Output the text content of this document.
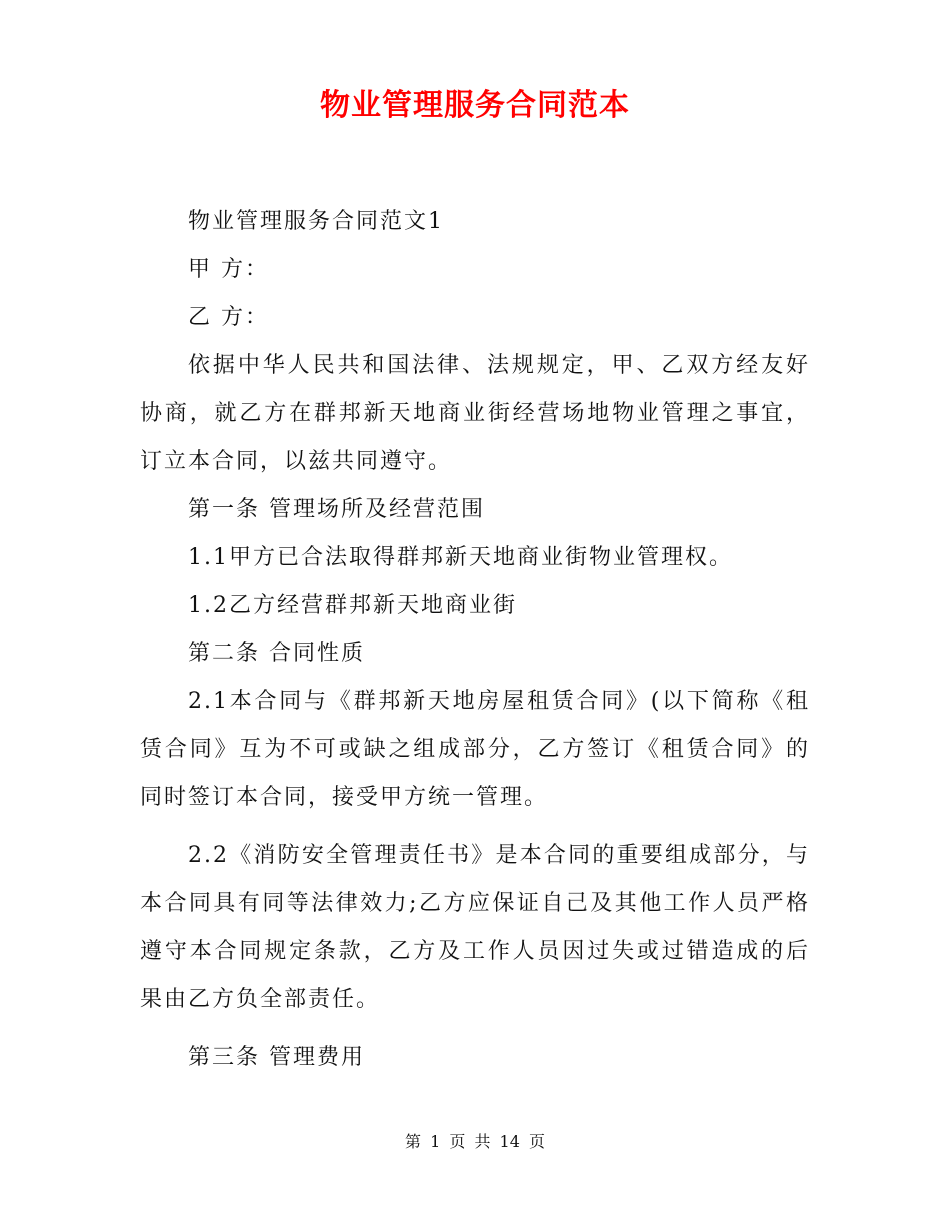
物业管理服务合同范本

物业管理服务合同范文1

甲 方：

乙 方：

依据中华人民共和国法律、法规规定，甲、乙双方经友好协商，就乙方在群邦新天地商业街经营场地物业管理之事宜，订立本合同，以兹共同遵守。

第一条 管理场所及经营范围

1.1甲方已合法取得群邦新天地商业街物业管理权。

1.2乙方经营群邦新天地商业街

第二条 合同性质

2.1本合同与《群邦新天地房屋租赁合同》(以下简称《租赁合同》互为不可或缺之组成部分，乙方签订《租赁合同》的同时签订本合同，接受甲方统一管理。

2.2《消防安全管理责任书》是本合同的重要组成部分，与本合同具有同等法律效力;乙方应保证自己及其他工作人员严格遵守本合同规定条款，乙方及工作人员因过失或过错造成的后果由乙方负全部责任。

第三条 管理费用

第 1 页 共 14 页
